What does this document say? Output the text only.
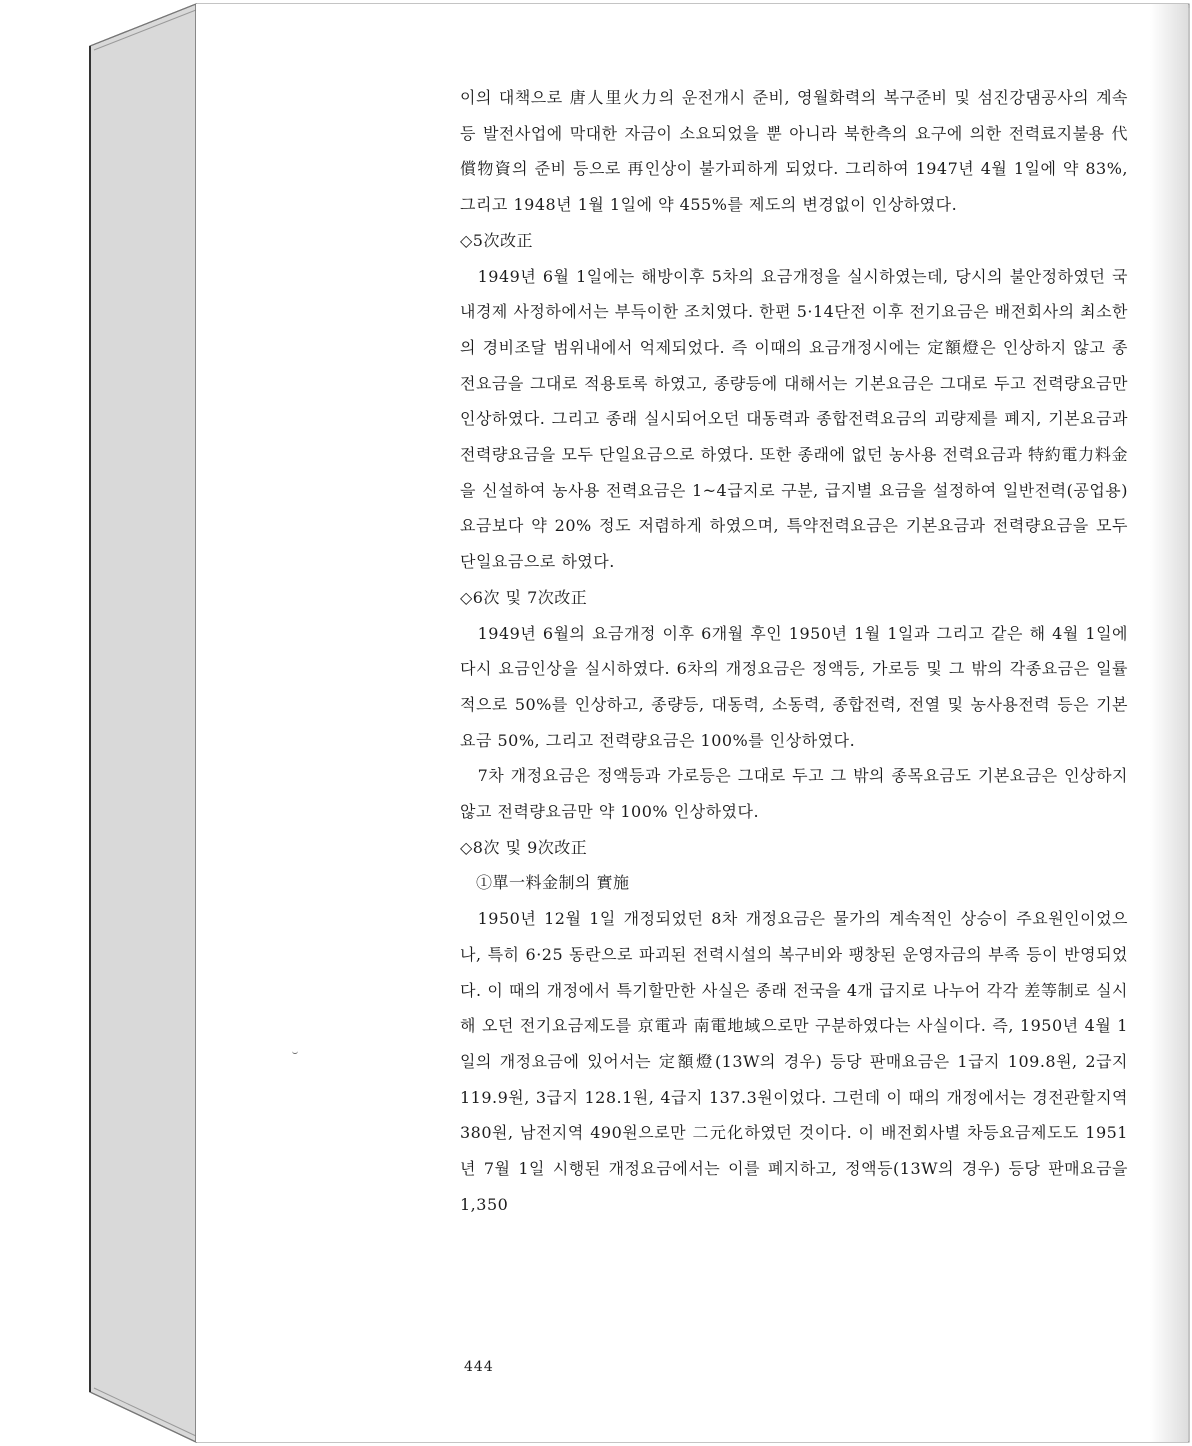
이의 대책으로 唐人里火力의 운전개시 준비, 영월화력의 복구준비 및 섬진강댐공사의 계속 등 발전사업에 막대한 자금이 소요되었을 뿐 아니라 북한측의 요구에 의한 전력료지불용 代償物資의 준비 등으로 再인상이 불가피하게 되었다. 그리하여 1947년 4월 1일에 약 83%, 그리고 1948년 1월 1일에 약 455%를 제도의 변경없이 인상하였다.

◇5次改正

1949년 6월 1일에는 해방이후 5차의 요금개정을 실시하였는데, 당시의 불안정하였던 국내경제 사정하에서는 부득이한 조치였다. 한편 5·14단전 이후 전기요금은 배전회사의 최소한의 경비조달 범위내에서 억제되었다. 즉 이때의 요금개정시에는 定額燈은 인상하지 않고 종전요금을 그대로 적용토록 하였고, 종량등에 대해서는 기본요금은 그대로 두고 전력량요금만 인상하였다. 그리고 종래 실시되어오던 대동력과 종합전력요금의 괴량제를 폐지, 기본요금과 전력량요금을 모두 단일요금으로 하였다. 또한 종래에 없던 농사용 전력요금과 特約電力料金을 신설하여 농사용 전력요금은 1~4급지로 구분, 급지별 요금을 설정하여 일반전력(공업용)요금보다 약 20% 정도 저렴하게 하였으며, 특약전력요금은 기본요금과 전력량요금을 모두 단일요금으로 하였다.

◇6次 및 7次改正

1949년 6월의 요금개정 이후 6개월 후인 1950년 1월 1일과 그리고 같은 해 4월 1일에 다시 요금인상을 실시하였다. 6차의 개정요금은 정액등, 가로등 및 그 밖의 각종요금은 일률적으로 50%를 인상하고, 종량등, 대동력, 소동력, 종합전력, 전열 및 농사용전력 등은 기본요금 50%, 그리고 전력량요금은 100%를 인상하였다.

7차 개정요금은 정액등과 가로등은 그대로 두고 그 밖의 종목요금도 기본요금은 인상하지 않고 전력량요금만 약 100% 인상하였다.

◇8次 및 9次改正

①單一料金制의 實施

1950년 12월 1일 개정되었던 8차 개정요금은 물가의 계속적인 상승이 주요원인이었으나, 특히 6·25 동란으로 파괴된 전력시설의 복구비와 팽창된 운영자금의 부족 등이 반영되었다. 이 때의 개정에서 특기할만한 사실은 종래 전국을 4개 급지로 나누어 각각 差等制로 실시해 오던 전기요금제도를 京電과 南電地域으로만 구분하였다는 사실이다. 즉, 1950년 4월 1일의 개정요금에 있어서는 定額燈(13W의 경우) 등당 판매요금은 1급지 109.8원, 2급지 119.9원, 3급지 128.1원, 4급지 137.3원이었다. 그런데 이 때의 개정에서는 경전관할지역 380원, 남전지역 490원으로만 二元化하였던 것이다. 이 배전회사별 차등요금제도도 1951년 7월 1일 시행된 개정요금에서는 이를 폐지하고, 정액등(13W의 경우) 등당 판매요금을 1,350

444
